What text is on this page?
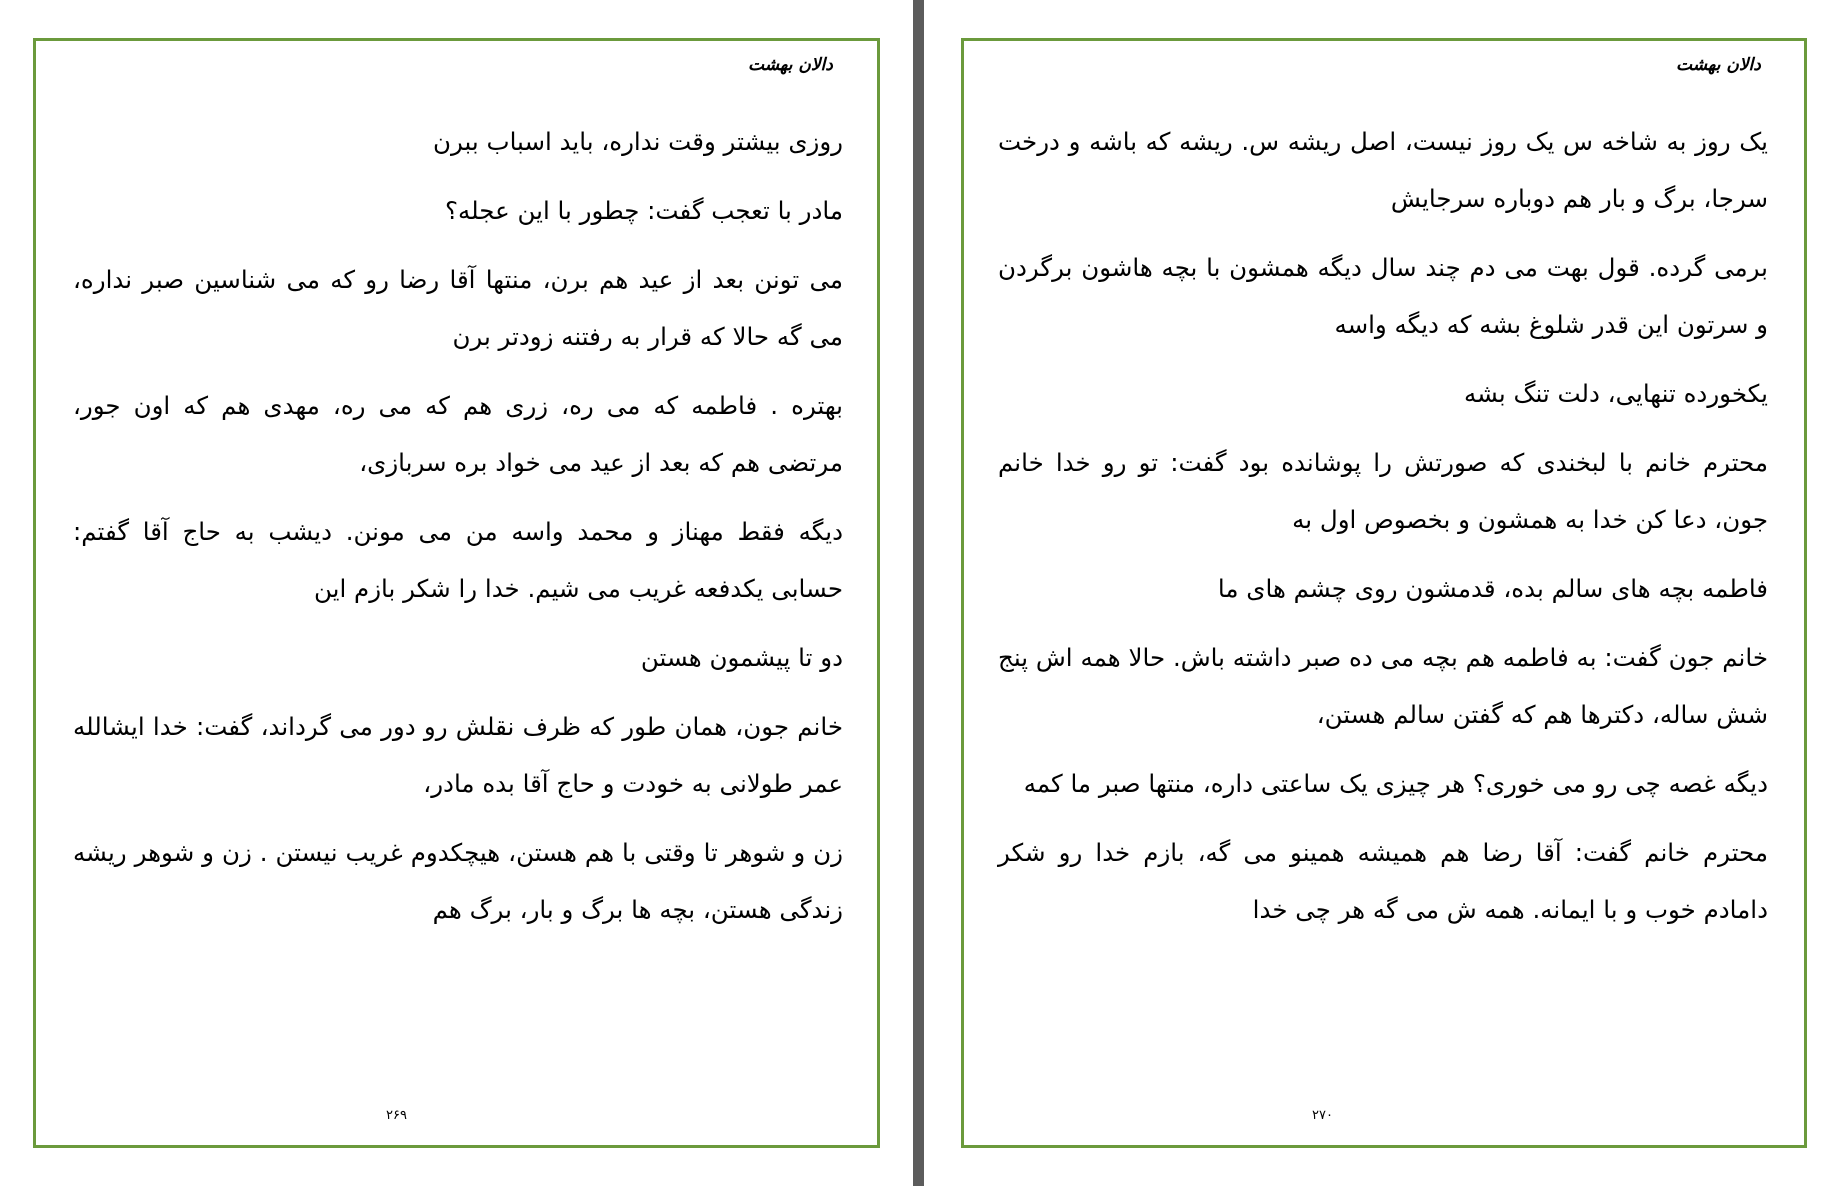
دالان بهشت

روزی بیشتر وقت نداره، باید اسباب ببرن

مادر با تعجب گفت: چطور با این عجله؟

می تونن بعد از عید هم برن، منتها آقا رضا رو که می شناسین صبر نداره، می گه حالا که قرار به رفتنه زودتر برن

بهتره . فاطمه که می ره، زری هم که می ره، مهدی هم که اون جور، مرتضی هم که بعد از عید می خواد بره سربازی،

دیگه فقط مهناز و محمد واسه من می مونن. دیشب به حاج آقا گفتم: حسابی یکدفعه غریب می شیم. خدا را شکر بازم این

دو تا پیشمون هستن

خانم جون، همان طور که ظرف نقلش رو دور می گرداند، گفت: خدا ایشالله عمر طولانی به خودت و حاج آقا بده مادر،

زن و شوهر تا وقتی با هم هستن، هیچکدوم غریب نیستن . زن و شوهر ریشه زندگی هستن، بچه ها برگ و بار، برگ هم

۲۶۹
دالان بهشت

یک روز به شاخه س یک روز نیست، اصل ریشه س. ریشه که باشه و درخت سرجا، برگ و بار هم دوباره سرجایش

برمی گرده. قول بهت می دم چند سال دیگه همشون با بچه هاشون برگردن و سرتون این قدر شلوغ بشه که دیگه واسه

یکخورده تنهایی، دلت تنگ بشه

محترم خانم با لبخندی که صورتش را پوشانده بود گفت: تو رو خدا خانم جون، دعا کن خدا به همشون و بخصوص اول به

فاطمه بچه های سالم بده، قدمشون روی چشم های ما

خانم جون گفت: به فاطمه هم بچه می ده صبر داشته باش. حالا همه اش پنج شش ساله، دکترها هم که گفتن سالم هستن،

دیگه غصه چی رو می خوری؟ هر چیزی یک ساعتی داره، منتها صبر ما کمه

محترم خانم گفت: آقا رضا هم همیشه همینو می گه، بازم خدا رو شکر دامادم خوب و با ایمانه. همه ش می گه هر چی خدا

۲۷۰
